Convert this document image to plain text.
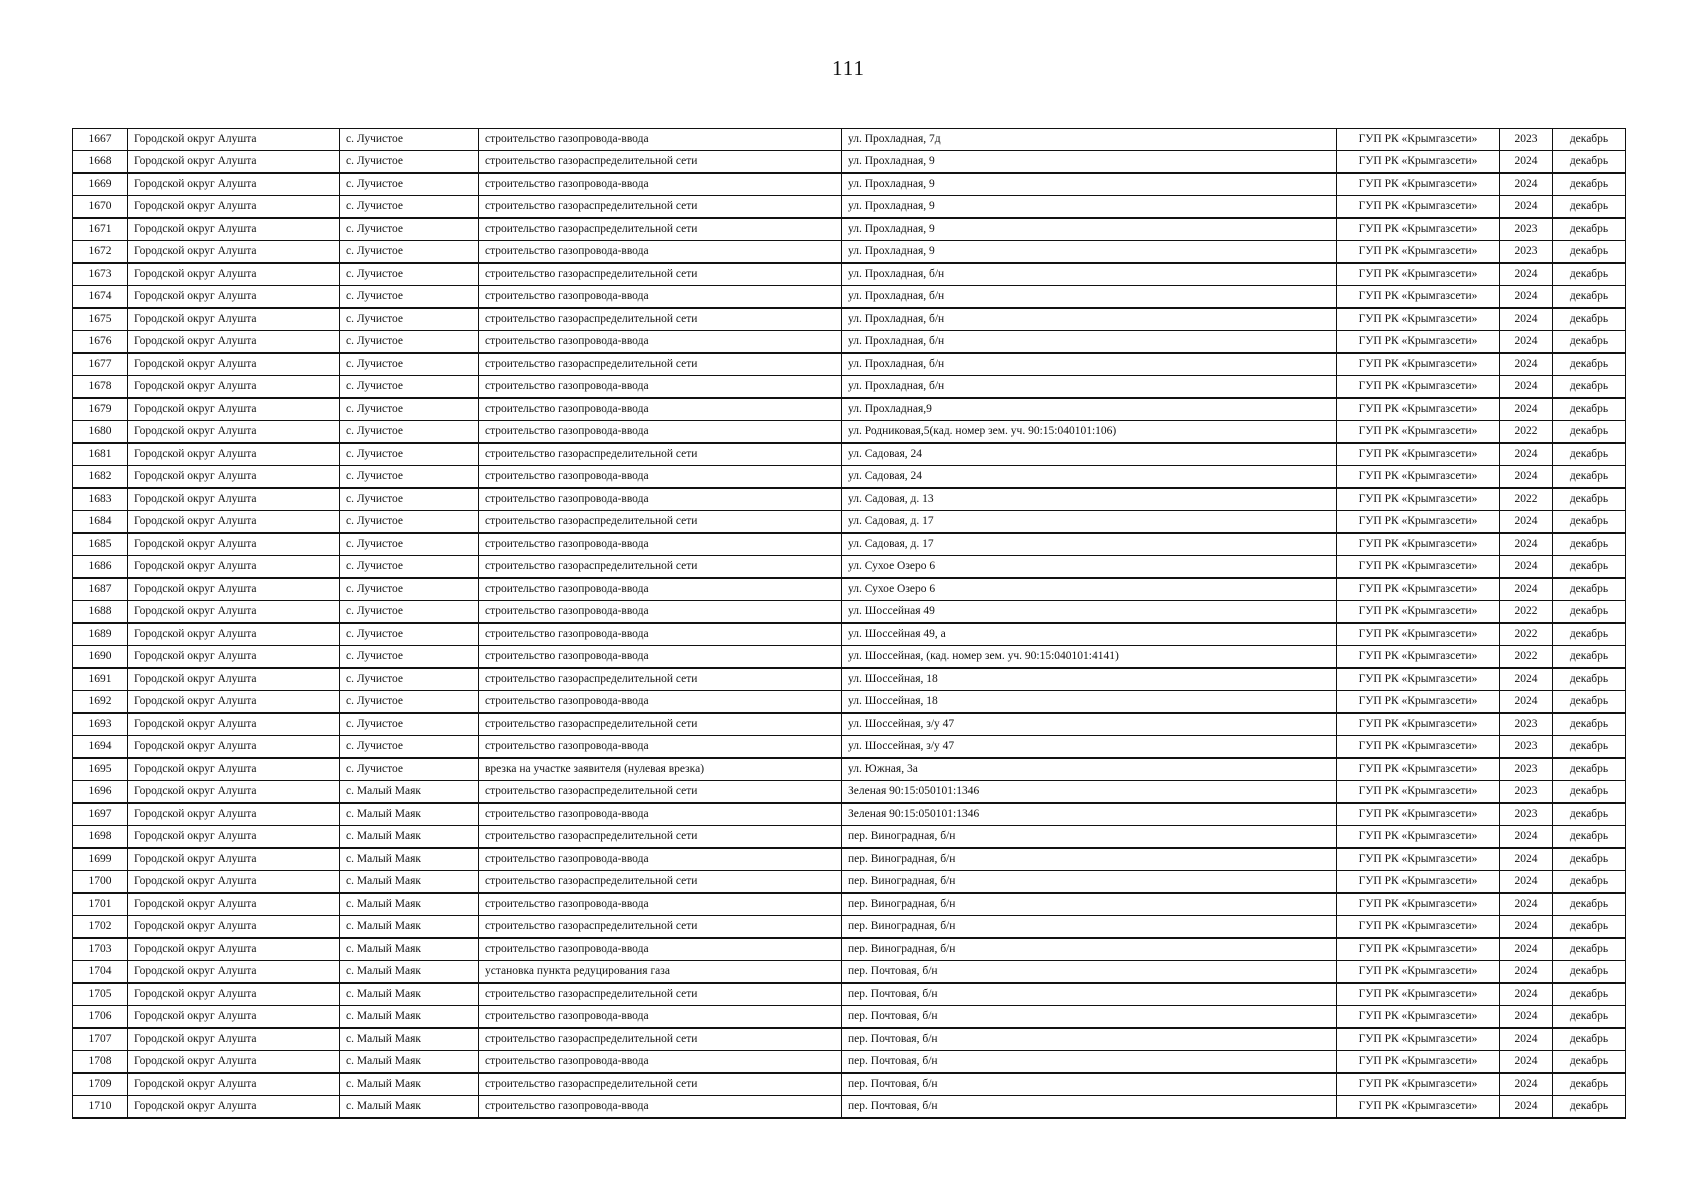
111
1667	Городской округ Алушта	с. Лучистое	строительство газопровода-ввода	ул. Прохладная, 7д	ГУП РК «Крымгазсети»	2023	декабрь
1668	Городской округ Алушта	с. Лучистое	строительство газораспределительной сети	ул. Прохладная, 9	ГУП РК «Крымгазсети»	2024	декабрь
1669	Городской округ Алушта	с. Лучистое	строительство газопровода-ввода	ул. Прохладная, 9	ГУП РК «Крымгазсети»	2024	декабрь
1670	Городской округ Алушта	с. Лучистое	строительство газораспределительной сети	ул. Прохладная, 9	ГУП РК «Крымгазсети»	2024	декабрь
1671	Городской округ Алушта	с. Лучистое	строительство газораспределительной сети	ул. Прохладная, 9	ГУП РК «Крымгазсети»	2023	декабрь
1672	Городской округ Алушта	с. Лучистое	строительство газопровода-ввода	ул. Прохладная, 9	ГУП РК «Крымгазсети»	2023	декабрь
1673	Городской округ Алушта	с. Лучистое	строительство газораспределительной сети	ул. Прохладная, б/н	ГУП РК «Крымгазсети»	2024	декабрь
1674	Городской округ Алушта	с. Лучистое	строительство газопровода-ввода	ул. Прохладная, б/н	ГУП РК «Крымгазсети»	2024	декабрь
1675	Городской округ Алушта	с. Лучистое	строительство газораспределительной сети	ул. Прохладная, б/н	ГУП РК «Крымгазсети»	2024	декабрь
1676	Городской округ Алушта	с. Лучистое	строительство газопровода-ввода	ул. Прохладная, б/н	ГУП РК «Крымгазсети»	2024	декабрь
1677	Городской округ Алушта	с. Лучистое	строительство газораспределительной сети	ул. Прохладная, б/н	ГУП РК «Крымгазсети»	2024	декабрь
1678	Городской округ Алушта	с. Лучистое	строительство газопровода-ввода	ул. Прохладная, б/н	ГУП РК «Крымгазсети»	2024	декабрь
1679	Городской округ Алушта	с. Лучистое	строительство газопровода-ввода	ул. Прохладная,9	ГУП РК «Крымгазсети»	2024	декабрь
1680	Городской округ Алушта	с. Лучистое	строительство газопровода-ввода	ул. Родниковая,5(кад. номер зем. уч. 90:15:040101:106)	ГУП РК «Крымгазсети»	2022	декабрь
1681	Городской округ Алушта	с. Лучистое	строительство газораспределительной сети	ул. Садовая, 24	ГУП РК «Крымгазсети»	2024	декабрь
1682	Городской округ Алушта	с. Лучистое	строительство газопровода-ввода	ул. Садовая, 24	ГУП РК «Крымгазсети»	2024	декабрь
1683	Городской округ Алушта	с. Лучистое	строительство газопровода-ввода	ул. Садовая, д. 13	ГУП РК «Крымгазсети»	2022	декабрь
1684	Городской округ Алушта	с. Лучистое	строительство газораспределительной сети	ул. Садовая, д. 17	ГУП РК «Крымгазсети»	2024	декабрь
1685	Городской округ Алушта	с. Лучистое	строительство газопровода-ввода	ул. Садовая, д. 17	ГУП РК «Крымгазсети»	2024	декабрь
1686	Городской округ Алушта	с. Лучистое	строительство газораспределительной сети	ул. Сухое Озеро 6	ГУП РК «Крымгазсети»	2024	декабрь
1687	Городской округ Алушта	с. Лучистое	строительство газопровода-ввода	ул. Сухое Озеро 6	ГУП РК «Крымгазсети»	2024	декабрь
1688	Городской округ Алушта	с. Лучистое	строительство газопровода-ввода	ул. Шоссейная 49	ГУП РК «Крымгазсети»	2022	декабрь
1689	Городской округ Алушта	с. Лучистое	строительство газопровода-ввода	ул. Шоссейная 49, а	ГУП РК «Крымгазсети»	2022	декабрь
1690	Городской округ Алушта	с. Лучистое	строительство газопровода-ввода	ул. Шоссейная, (кад. номер зем. уч. 90:15:040101:4141)	ГУП РК «Крымгазсети»	2022	декабрь
1691	Городской округ Алушта	с. Лучистое	строительство газораспределительной сети	ул. Шоссейная, 18	ГУП РК «Крымгазсети»	2024	декабрь
1692	Городской округ Алушта	с. Лучистое	строительство газопровода-ввода	ул. Шоссейная, 18	ГУП РК «Крымгазсети»	2024	декабрь
1693	Городской округ Алушта	с. Лучистое	строительство газораспределительной сети	ул. Шоссейная, з/у 47	ГУП РК «Крымгазсети»	2023	декабрь
1694	Городской округ Алушта	с. Лучистое	строительство газопровода-ввода	ул. Шоссейная, з/у 47	ГУП РК «Крымгазсети»	2023	декабрь
1695	Городской округ Алушта	с. Лучистое	врезка на участке заявителя (нулевая врезка)	ул. Южная, 3а	ГУП РК «Крымгазсети»	2023	декабрь
1696	Городской округ Алушта	с. Малый Маяк	строительство газораспределительной сети	Зеленая 90:15:050101:1346	ГУП РК «Крымгазсети»	2023	декабрь
1697	Городской округ Алушта	с. Малый Маяк	строительство газопровода-ввода	Зеленая 90:15:050101:1346	ГУП РК «Крымгазсети»	2023	декабрь
1698	Городской округ Алушта	с. Малый Маяк	строительство газораспределительной сети	пер. Виноградная, б/н	ГУП РК «Крымгазсети»	2024	декабрь
1699	Городской округ Алушта	с. Малый Маяк	строительство газопровода-ввода	пер. Виноградная, б/н	ГУП РК «Крымгазсети»	2024	декабрь
1700	Городской округ Алушта	с. Малый Маяк	строительство газораспределительной сети	пер. Виноградная, б/н	ГУП РК «Крымгазсети»	2024	декабрь
1701	Городской округ Алушта	с. Малый Маяк	строительство газопровода-ввода	пер. Виноградная, б/н	ГУП РК «Крымгазсети»	2024	декабрь
1702	Городской округ Алушта	с. Малый Маяк	строительство газораспределительной сети	пер. Виноградная, б/н	ГУП РК «Крымгазсети»	2024	декабрь
1703	Городской округ Алушта	с. Малый Маяк	строительство газопровода-ввода	пер. Виноградная, б/н	ГУП РК «Крымгазсети»	2024	декабрь
1704	Городской округ Алушта	с. Малый Маяк	установка пункта редуцирования газа	пер. Почтовая, б/н	ГУП РК «Крымгазсети»	2024	декабрь
1705	Городской округ Алушта	с. Малый Маяк	строительство газораспределительной сети	пер. Почтовая, б/н	ГУП РК «Крымгазсети»	2024	декабрь
1706	Городской округ Алушта	с. Малый Маяк	строительство газопровода-ввода	пер. Почтовая, б/н	ГУП РК «Крымгазсети»	2024	декабрь
1707	Городской округ Алушта	с. Малый Маяк	строительство газораспределительной сети	пер. Почтовая, б/н	ГУП РК «Крымгазсети»	2024	декабрь
1708	Городской округ Алушта	с. Малый Маяк	строительство газопровода-ввода	пер. Почтовая, б/н	ГУП РК «Крымгазсети»	2024	декабрь
1709	Городской округ Алушта	с. Малый Маяк	строительство газораспределительной сети	пер. Почтовая, б/н	ГУП РК «Крымгазсети»	2024	декабрь
1710	Городской округ Алушта	с. Малый Маяк	строительство газопровода-ввода	пер. Почтовая, б/н	ГУП РК «Крымгазсети»	2024	декабрь
